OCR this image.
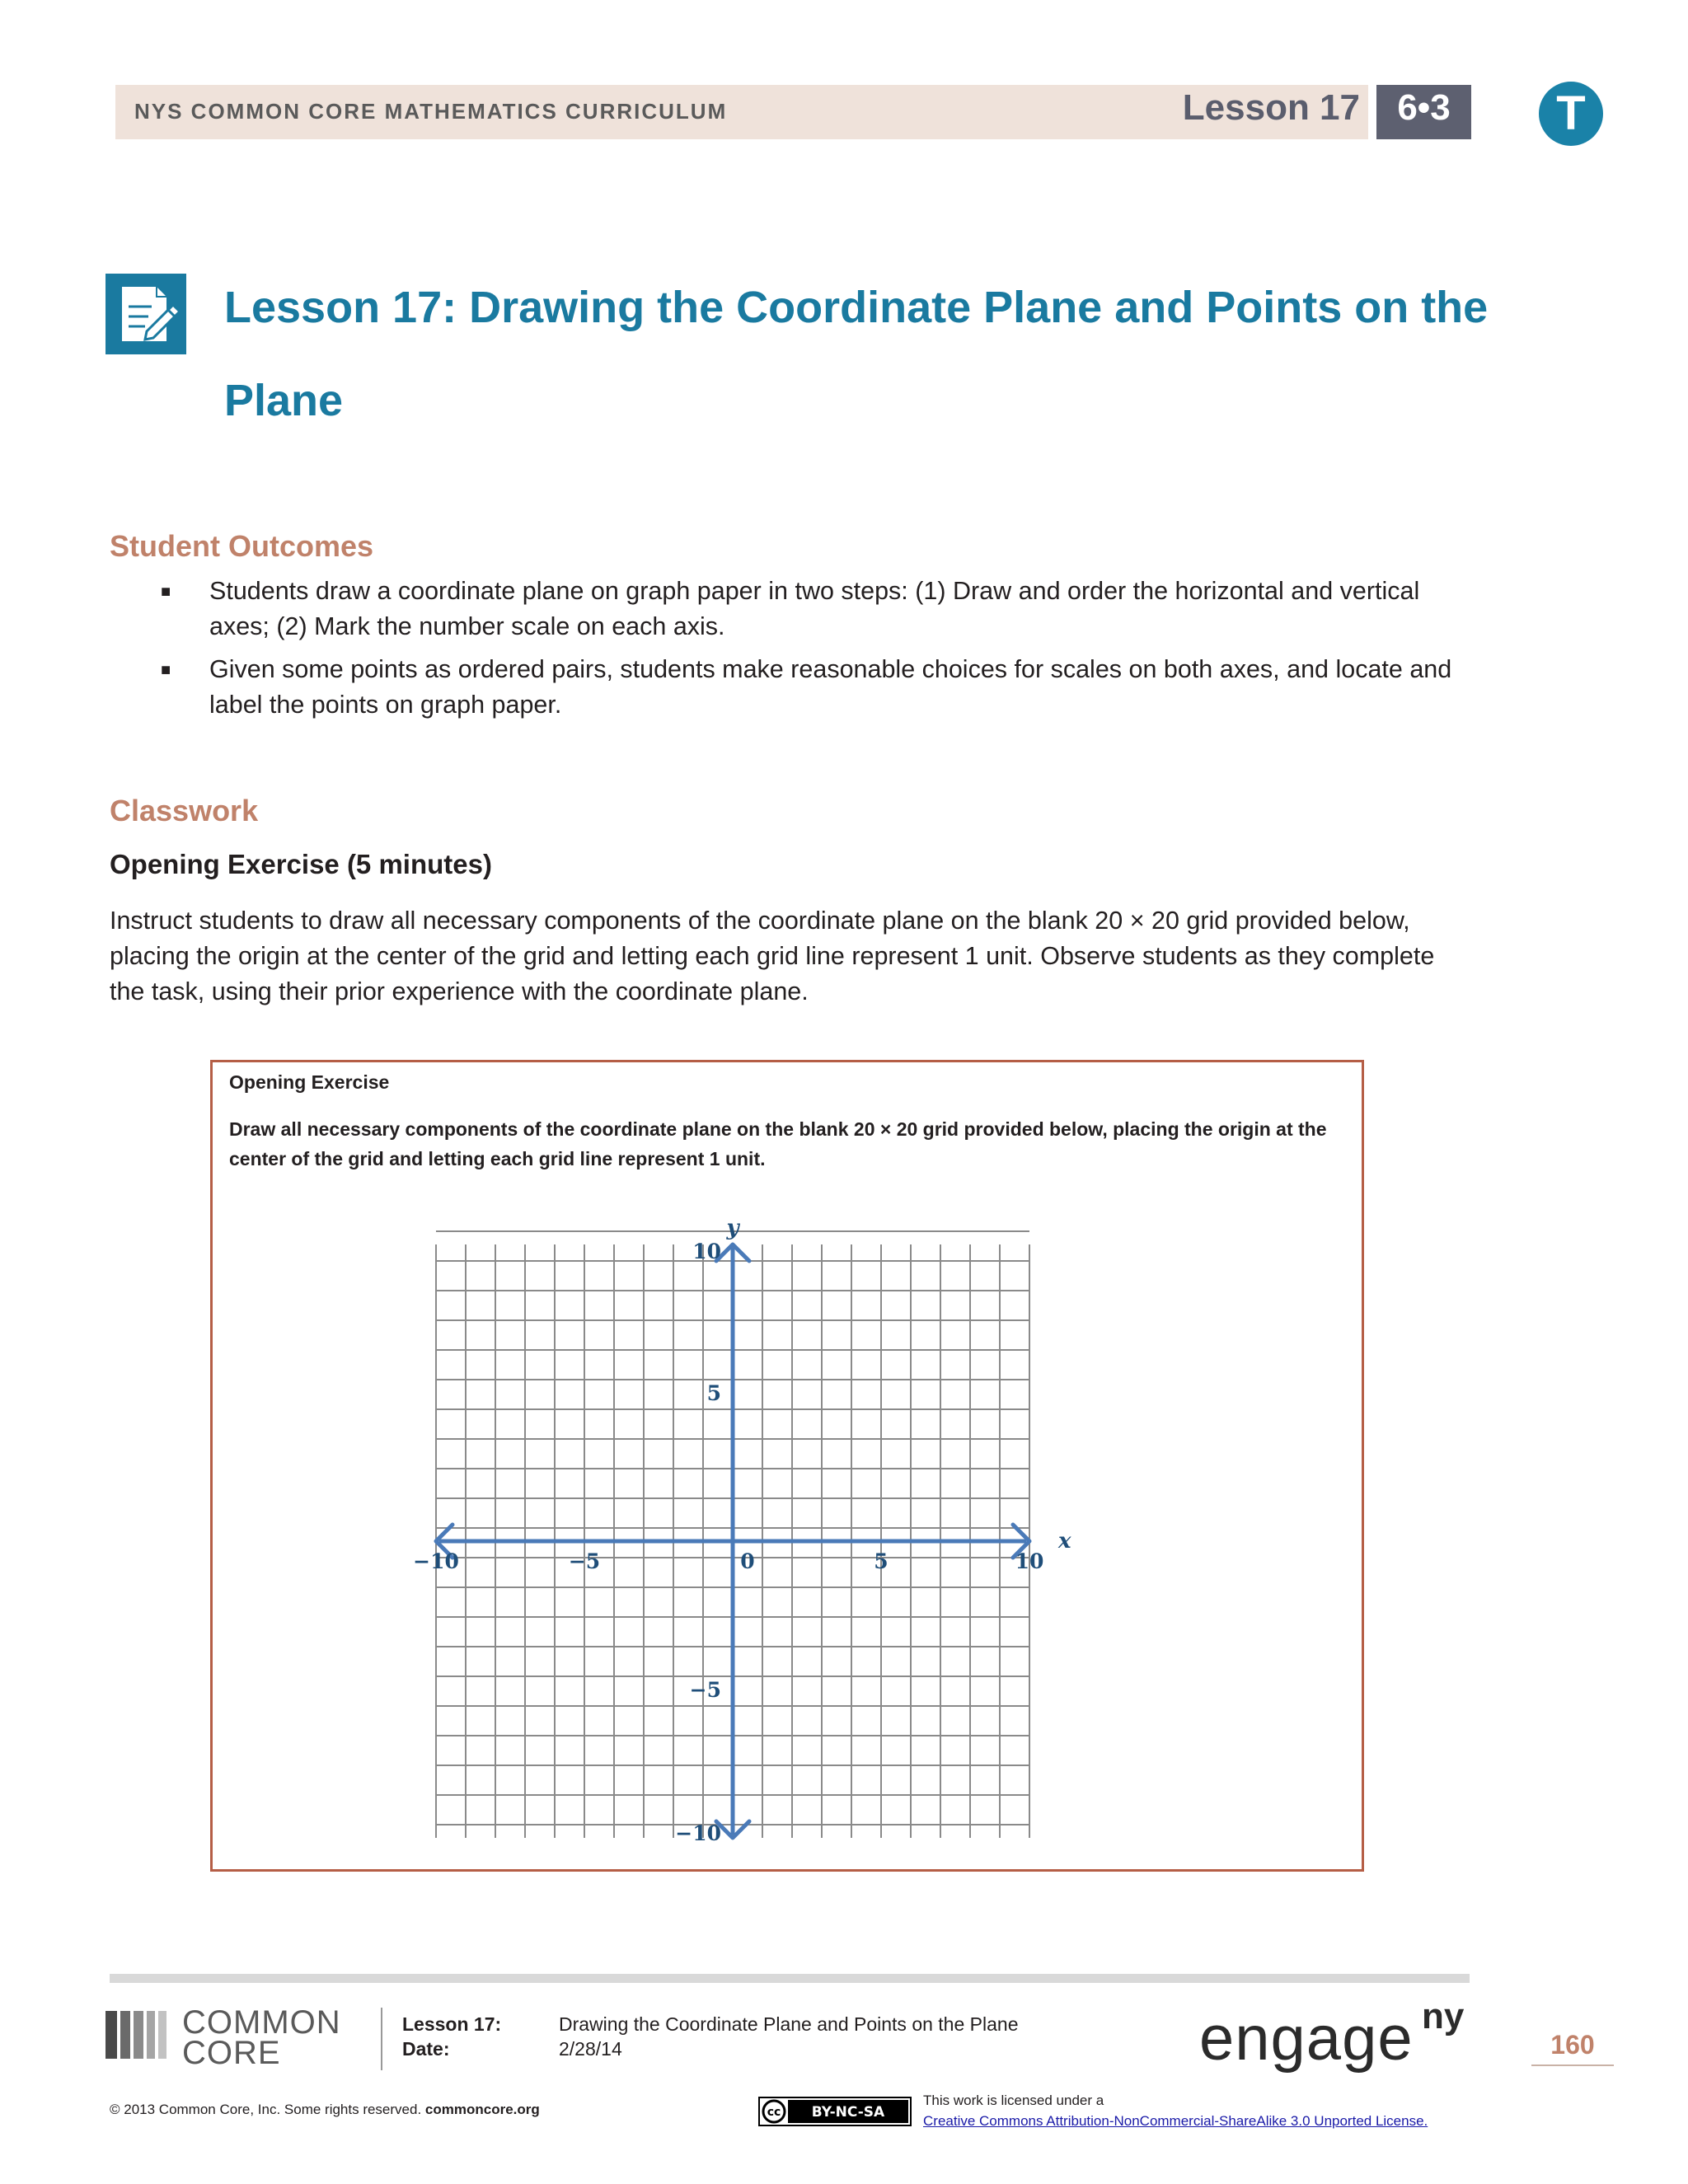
NYS COMMON CORE MATHEMATICS CURRICULUM	Lesson 17	6•3	T
Lesson 17: Drawing the Coordinate Plane and Points on the
Plane
Student Outcomes
■ Students draw a coordinate plane on graph paper in two steps: (1) Draw and order the horizontal and vertical axes; (2) Mark the number scale on each axis.
■ Given some points as ordered pairs, students make reasonable choices for scales on both axes, and locate and label the points on graph paper.
Classwork
Opening Exercise (5 minutes)
Instruct students to draw all necessary components of the coordinate plane on the blank 20 × 20 grid provided below, placing the origin at the center of the grid and letting each grid line represent 1 unit. Observe students as they complete the task, using their prior experience with the coordinate plane.
Opening Exercise
Draw all necessary components of the coordinate plane on the blank 20 × 20 grid provided below, placing the origin at the center of the grid and letting each grid line represent 1 unit.
−10	−5	0	5	10
10
5
−5
−10
x
y
COMMON
CORE
Lesson 17:
Date:
Drawing the Coordinate Plane and Points on the Plane
2/28/14	engage ny
160
© 2013 Common Core, Inc. Some rights reserved. commoncore.org	cc BY-NC-SA
This work is licensed under a
Creative Commons Attribution-NonCommercial-ShareAlike 3.0 Unported License.
